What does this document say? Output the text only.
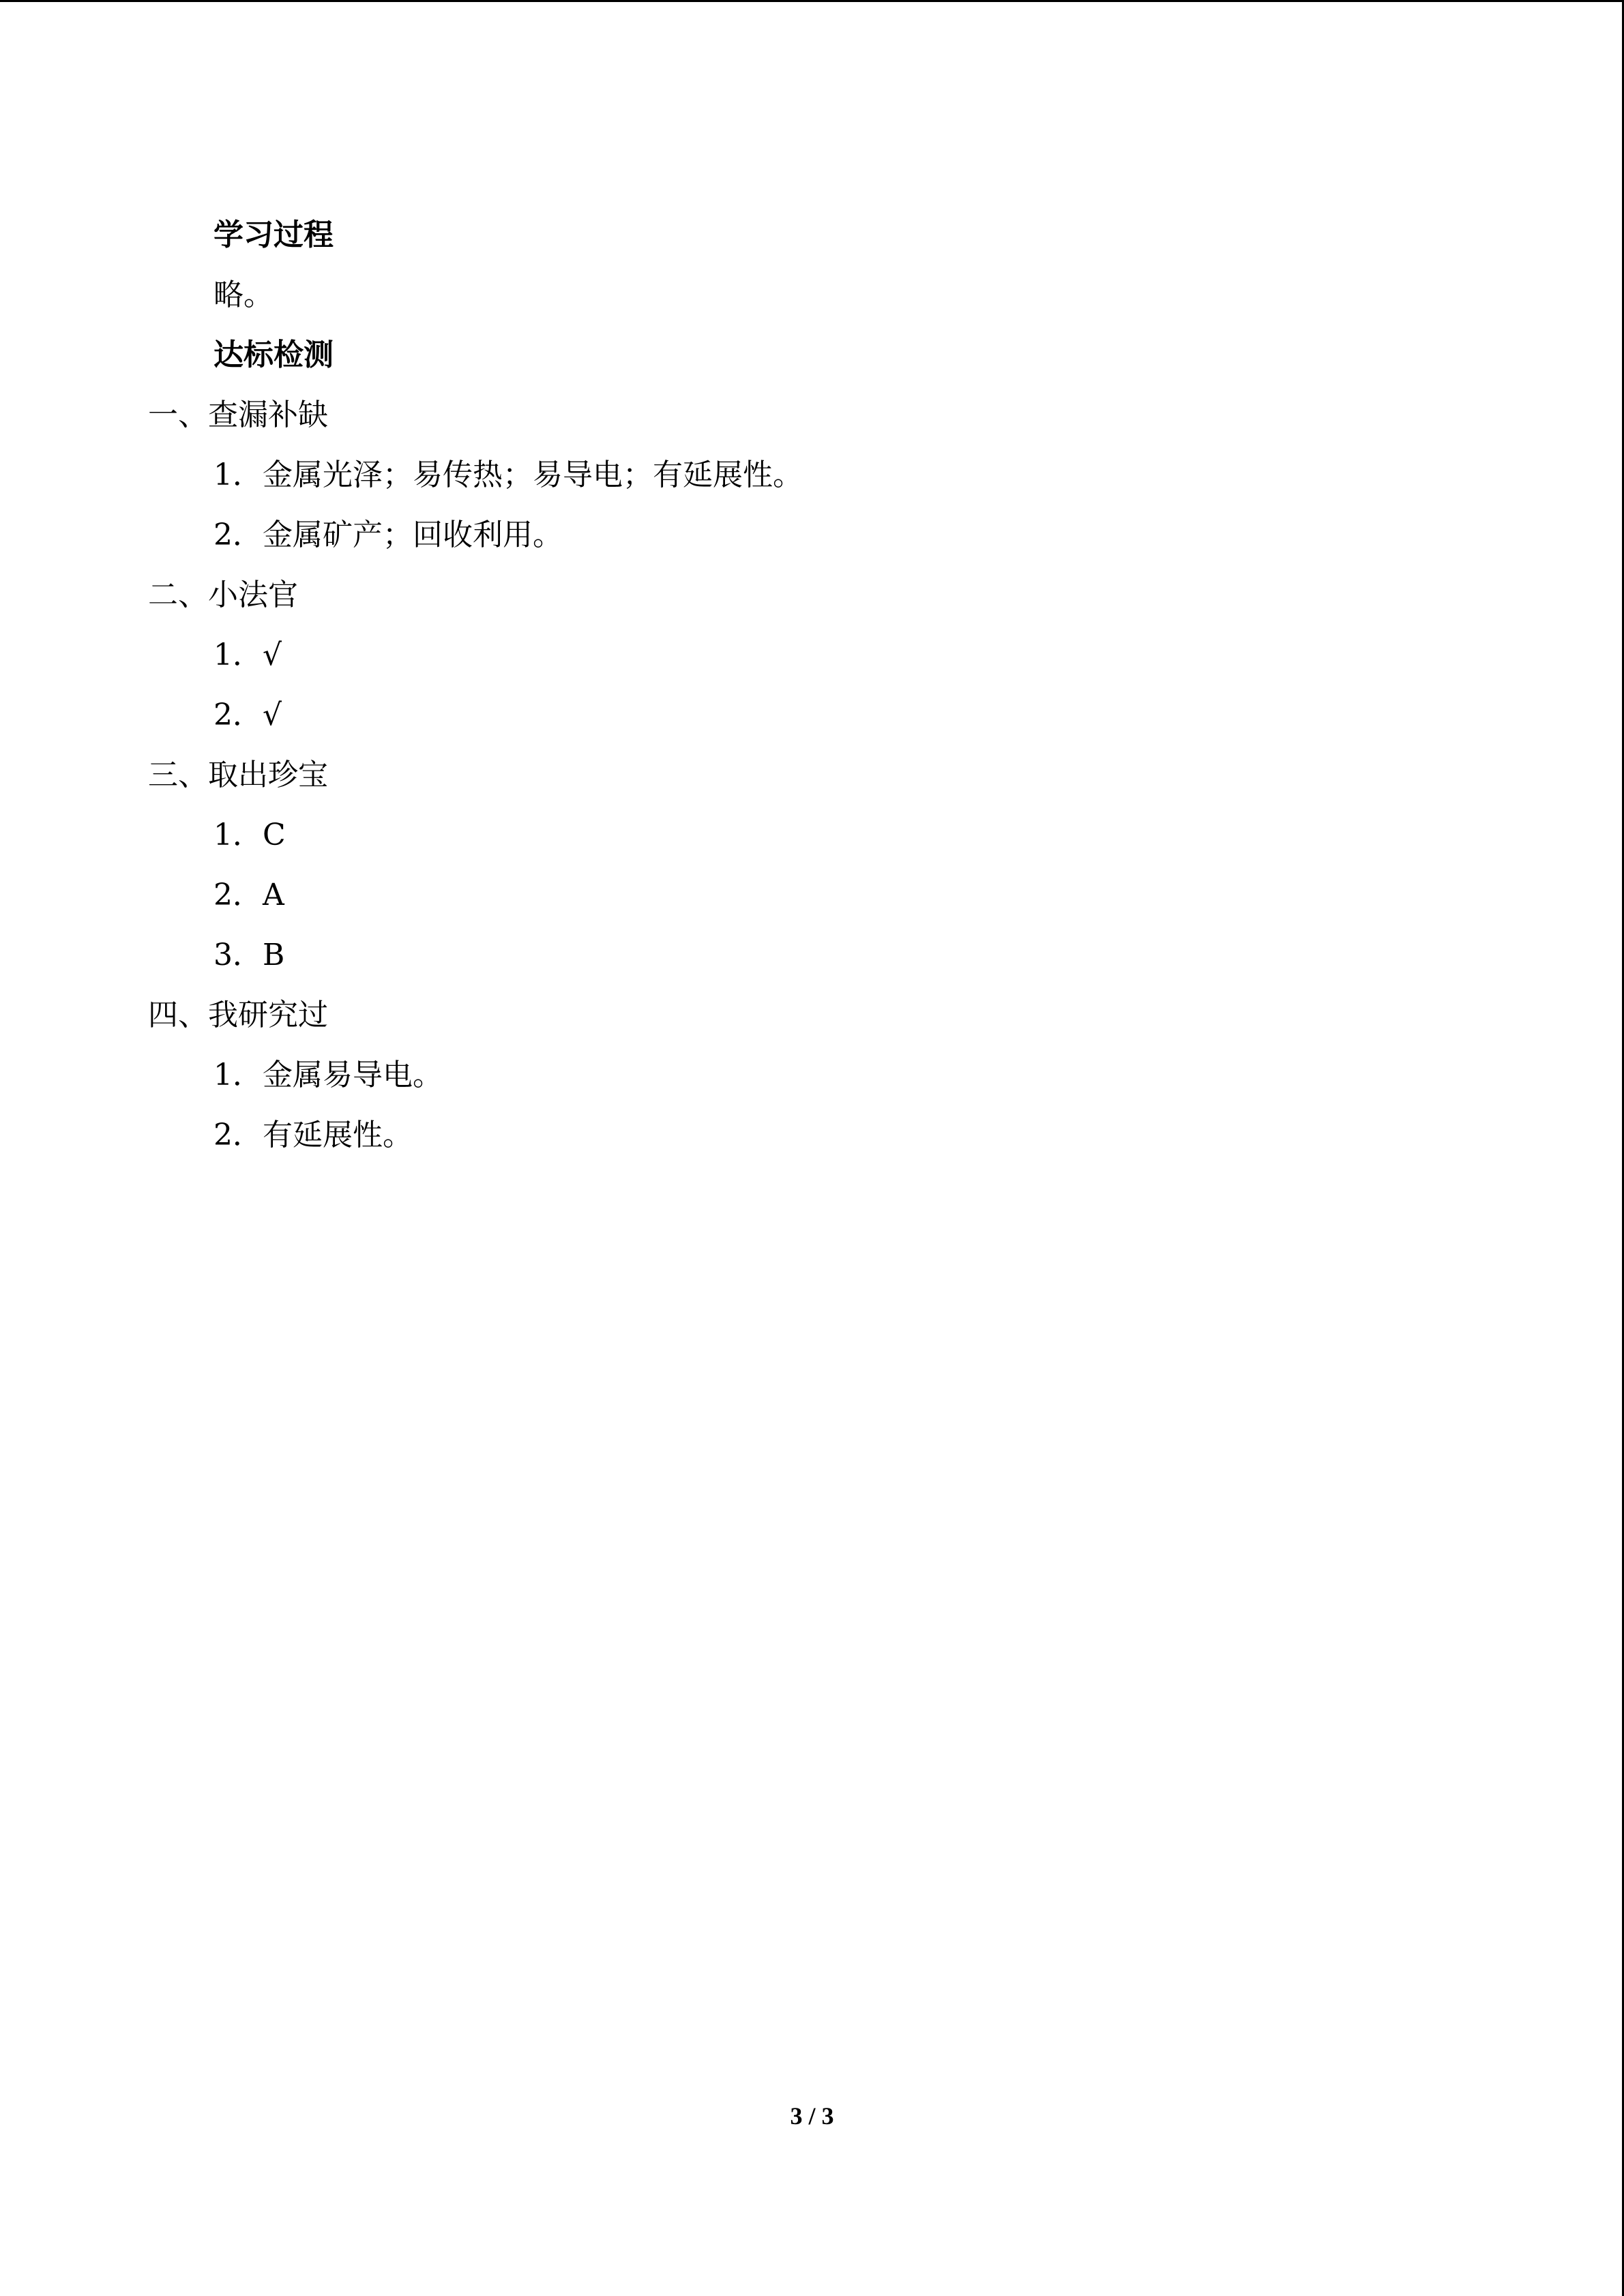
学习过程
略。
达标检测
一、查漏补缺
1．金属光泽；易传热；易导电；有延展性。
2．金属矿产；回收利用。
二、小法官
1．√
2．√
三、取出珍宝
1．C
2．A
3．B
四、我研究过
1．金属易导电。
2．有延展性。
3 / 3
